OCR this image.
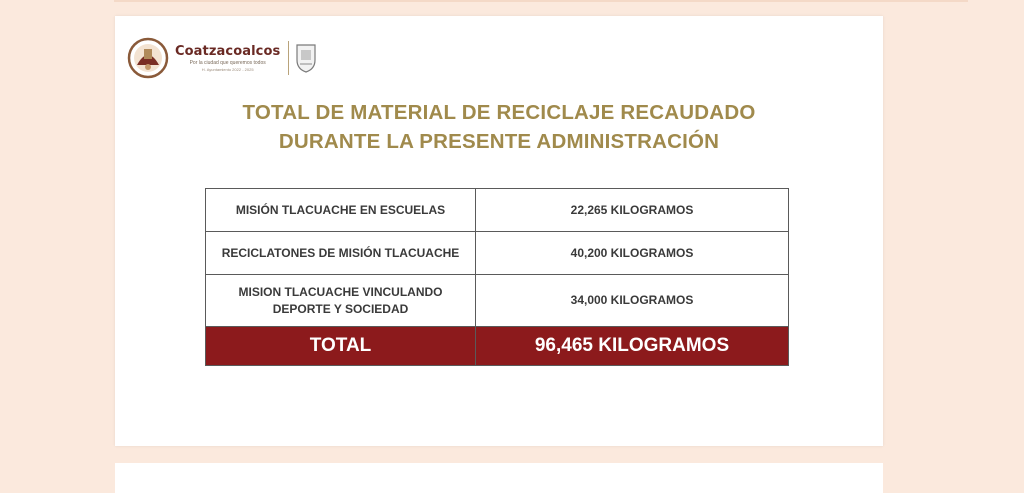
Coatzacoalcos
Por la ciudad que queremos todos
H. Ayuntamiento 2022 - 2025
TOTAL DE MATERIAL DE RECICLAJE RECAUDADO
DURANTE LA PRESENTE ADMINISTRACIÓN
MISIÓN TLACUACHE EN ESCUELAS	22,265 KILOGRAMOS
RECICLATONES DE MISIÓN TLACUACHE	40,200 KILOGRAMOS

MISION TLACUACHE VINCULANDO
DEPORTE Y SOCIEDAD	34,000 KILOGRAMOS
TOTAL	96,465 KILOGRAMOS
